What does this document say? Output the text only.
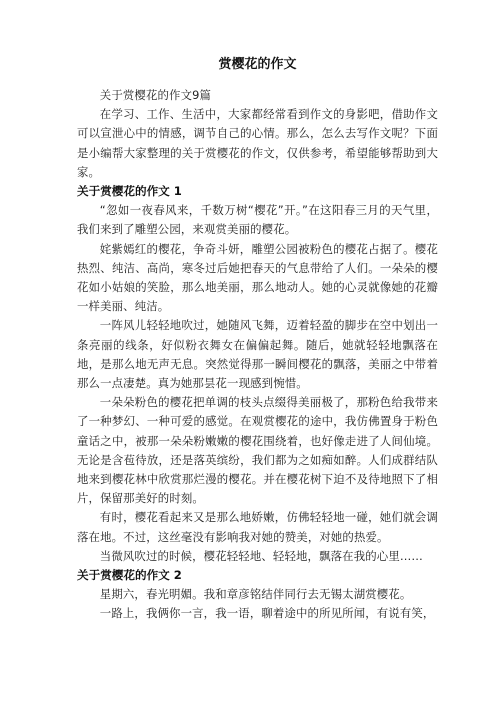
赏樱花的作文

关于赏樱花的作文9篇

在学习、工作、生活中，大家都经常看到作文的身影吧，借助作文可以宣泄心中的情感，调节自己的心情。那么，怎么去写作文呢？下面是小编帮大家整理的关于赏樱花的作文，仅供参考，希望能够帮助到大家。

关于赏樱花的作文 1

“忽如一夜春风来，千数万树“樱花”开。”在这阳春三月的天气里，我们来到了雕塑公园，来观赏美丽的樱花。

姹紫嫣红的樱花，争奇斗妍，雕塑公园被粉色的樱花占据了。樱花热烈、纯洁、高尚，寒冬过后她把春天的气息带给了人们。一朵朵的樱花如小姑娘的笑脸，那么地美丽，那么地动人。她的心灵就像她的花瓣一样美丽、纯洁。

一阵风儿轻轻地吹过，她随风飞舞，迈着轻盈的脚步在空中划出一条亮丽的线条，好似粉衣舞女在偏偏起舞。随后，她就轻轻地飘落在地，是那么地无声无息。突然觉得那一瞬间樱花的飘落，美丽之中带着那么一点凄楚。真为她那昙花一现感到惋惜。

一朵朵粉色的樱花把单调的枝头点缀得美丽极了，那粉色给我带来了一种梦幻、一种可爱的感觉。在观赏樱花的途中，我仿佛置身于粉色童话之中，被那一朵朵粉嫩嫩的樱花围绕着，也好像走进了人间仙境。无论是含苞待放，还是落英缤纷，我们都为之如痴如醉。人们成群结队地来到樱花林中欣赏那烂漫的樱花。并在樱花树下迫不及待地照下了相片，保留那美好的时刻。

有时，樱花看起来又是那么地娇嫩，仿佛轻轻地一碰，她们就会调落在地。不过，这丝毫没有影响我对她的赞美，对她的热爱。

当微风吹过的时候，樱花轻轻地、轻轻地，飘落在我的心里……

关于赏樱花的作文 2

星期六，春光明媚。我和章彦铭结伴同行去无锡太湖赏樱花。

一路上，我俩你一言，我一语，聊着途中的所见所闻，有说有笑，
